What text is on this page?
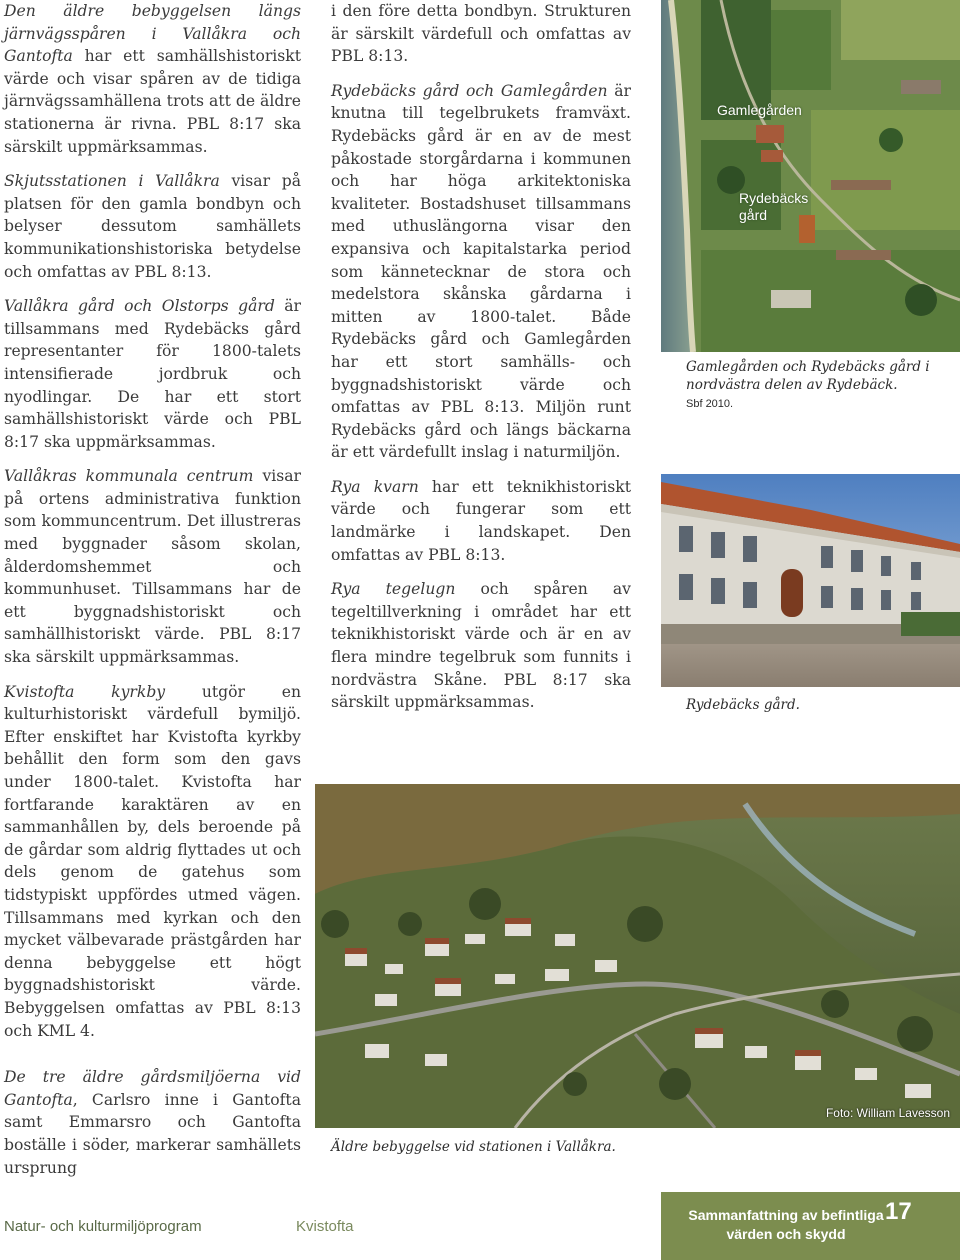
Den äldre bebyggelsen längs järnvägsspåren i Vallåkra och Gantofta har ett samhällshistoriskt värde och visar spåren av de tidiga järnvägssamhällena trots att de äldre stationerna är rivna. PBL 8:17 ska särskilt uppmärksammas.

Skjutsstationen i Vallåkra visar på platsen för den gamla bondbyn och belyser dessutom samhällets kommunikationshistoriska betydelse och omfattas av PBL 8:13.

Vallåkra gård och Olstorps gård är tillsammans med Rydebäcks gård representanter för 1800-talets intensifierade jordbruk och nyodlingar. De har ett stort samhällshistoriskt värde och PBL 8:17 ska uppmärksammas.

Vallåkras kommunala centrum visar på ortens administrativa funktion som kommuncentrum. Det illustreras med byggnader såsom skolan, ålderdomshemmet och kommunhuset. Tillsammans har de ett byggnadshistoriskt och samhällhistoriskt värde. PBL 8:17 ska särskilt uppmärksammas.

Kvistofta kyrkby utgör en kulturhistoriskt värdefull bymiljö. Efter enskiftet har Kvistofta kyrkby behållit den form som den gavs under 1800-talet. Kvistofta har fortfarande karaktären av en sammanhållen by, dels beroende på de gårdar som aldrig flyttades ut och dels genom de gatehus som tidstypiskt uppfördes utmed vägen. Tillsammans med kyrkan och den mycket välbevarade prästgården har denna bebyggelse ett högt byggnadshistoriskt värde. Bebyggelsen omfattas av PBL 8:13 och KML 4.

De tre äldre gårdsmiljöerna vid Gantofta, Carlsro inne i Gantofta samt Emmarsro och Gantofta boställe i söder, markerar samhällets ursprung

i den före detta bondbyn. Strukturen är särskilt värdefull och omfattas av PBL 8:13.

Rydebäcks gård och Gamlegården är knutna till tegelbrukets framväxt. Rydebäcks gård är en av de mest påkostade storgårdarna i kommunen och har höga arkitektoniska kvaliteter. Bostadshuset tillsammans med uthuslängorna visar den expansiva och kapitalstarka period som kännetecknar de stora och medelstora skånska gårdarna i mitten av 1800-talet. Både Rydebäcks gård och Gamlegården har ett stort samhälls- och byggnadshistoriskt värde och omfattas av PBL 8:13. Miljön runt Rydebäcks gård och längs bäckarna är ett värdefullt inslag i naturmiljön.

Rya kvarn har ett teknikhistoriskt värde och fungerar som ett landmärke i landskapet. Den omfattas av PBL 8:13.

Rya tegelugn och spåren av tegeltillverkning i området har ett teknikhistoriskt värde och är en av flera mindre tegelbruk som funnits i nordvästra Skåne. PBL 8:17 ska särskilt uppmärksammas.

Gamlegården
Rydebäcks
gård
Gamlegården och Rydebäcks gård i nordvästra delen av Rydebäck.
Sbf 2010.
Rydebäcks gård.
Foto: William Lavesson
Äldre bebyggelse vid stationen i Vallåkra.
Natur- och kulturmiljöprogram	Kvistofta
Sammanfattning av befintliga värden och skydd
17
